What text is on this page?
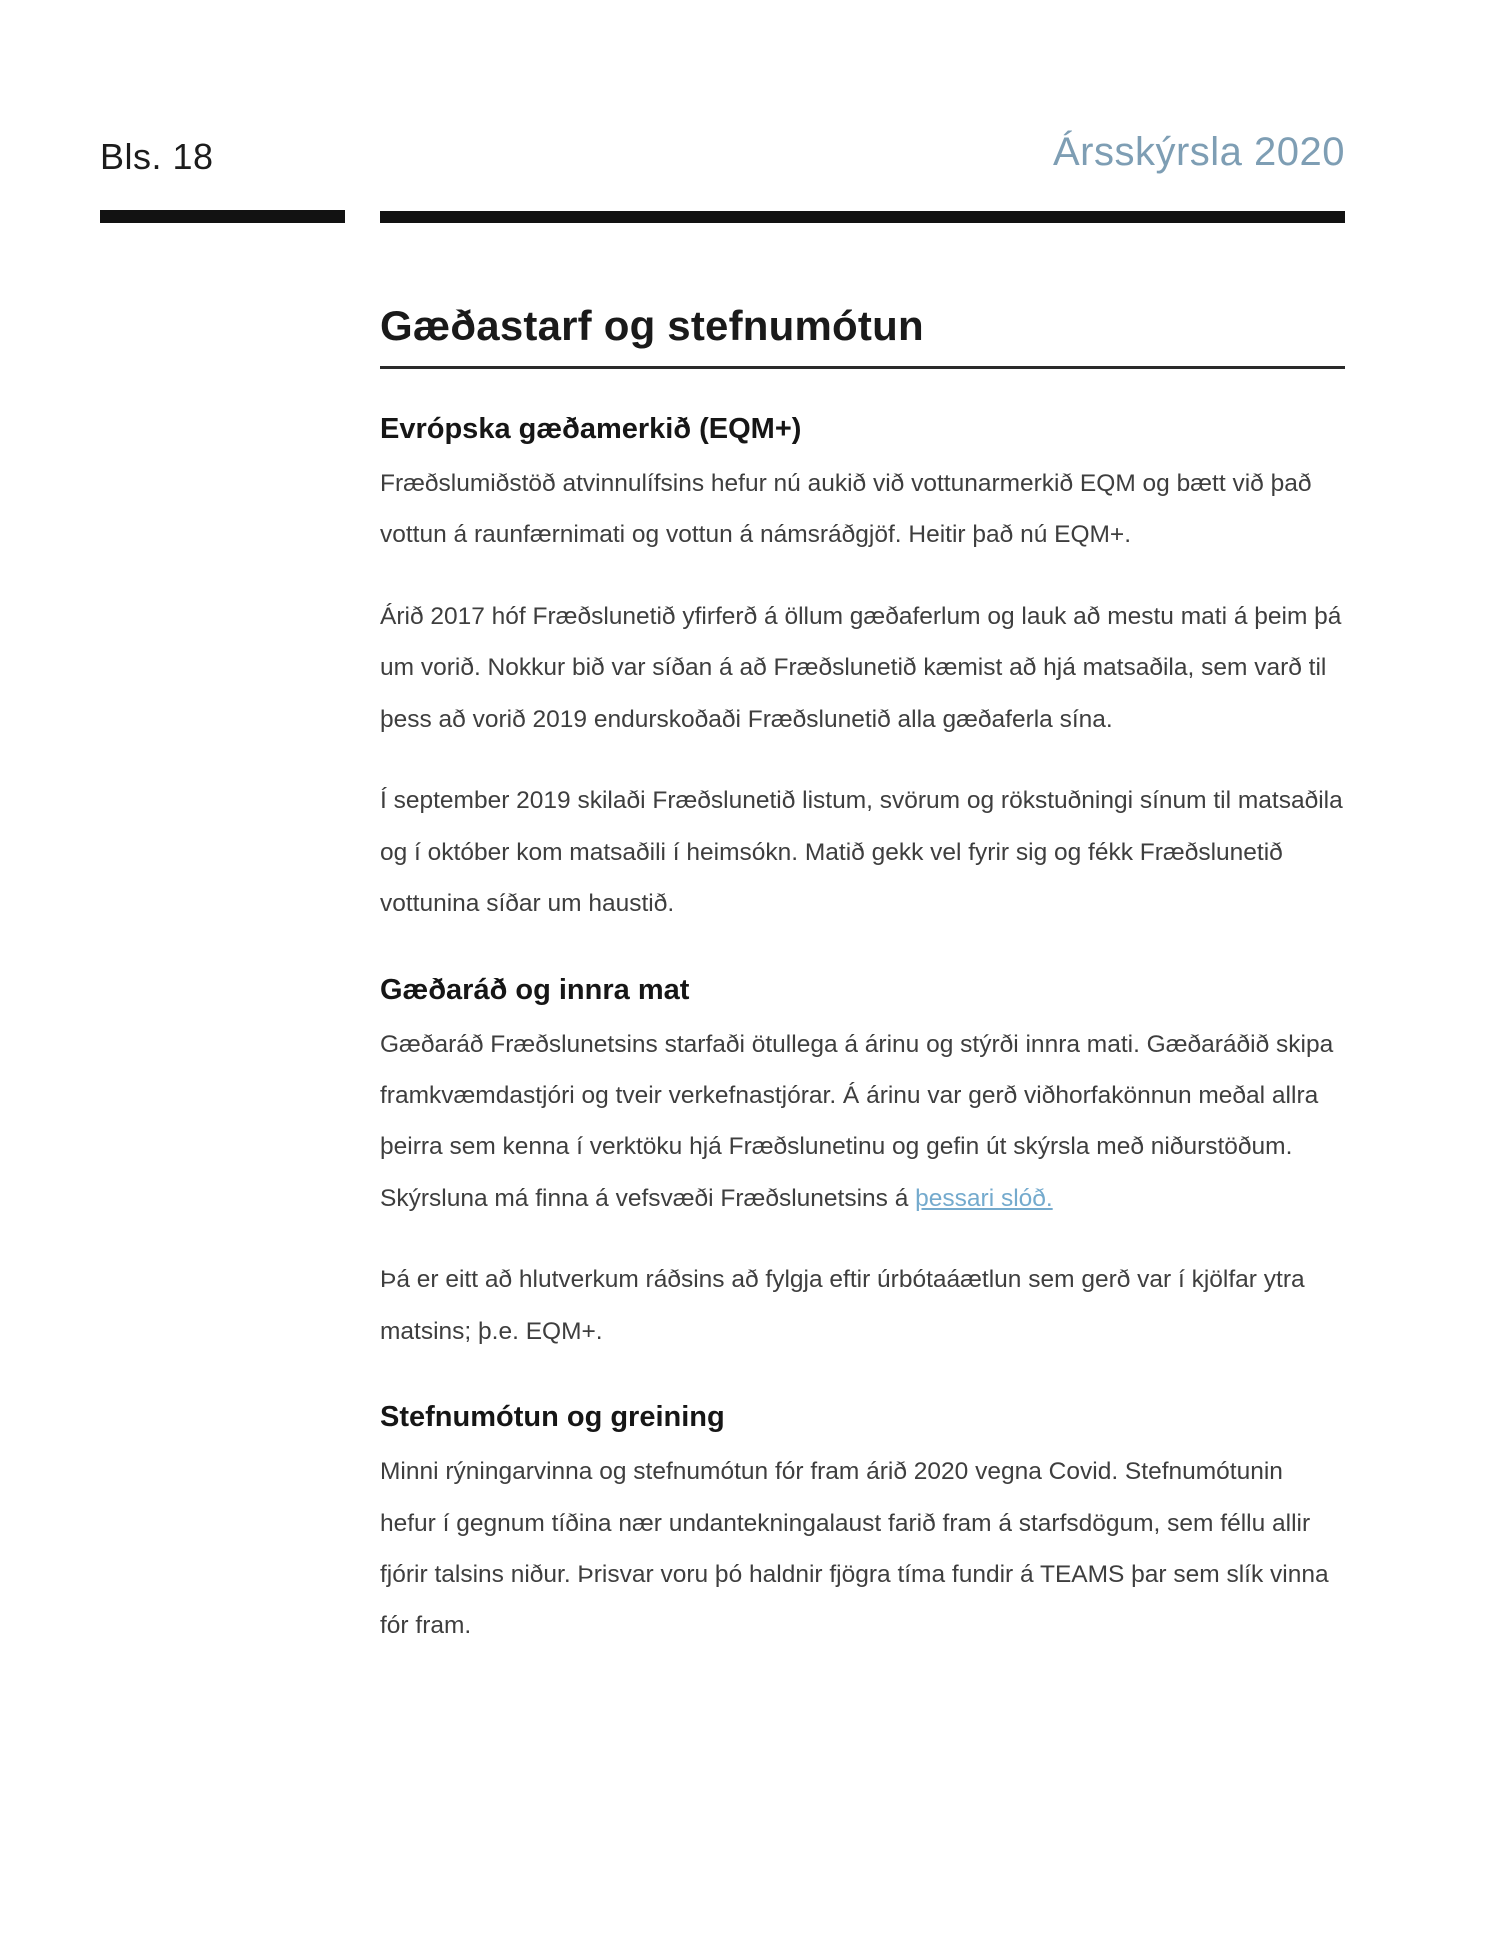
Bls. 18	Ársskýrsla 2020
Gæðastarf og stefnumótun
Evrópska gæðamerkið (EQM+)

Fræðslumiðstöð atvinnulífsins hefur nú aukið við vottunarmerkið EQM og bætt við það vottun á raunfærnimati og vottun á námsráðgjöf. Heitir það nú EQM+.

Árið 2017 hóf Fræðslunetið yfirferð á öllum gæðaferlum og lauk að mestu mati á þeim þá um vorið. Nokkur bið var síðan á að Fræðslunetið kæmist að hjá matsaðila, sem varð til þess að vorið 2019 endurskoðaði Fræðslunetið alla gæðaferla sína.

Í september 2019 skilaði Fræðslunetið listum, svörum og rökstuðningi sínum til matsaðila og í október kom matsaðili í heimsókn. Matið gekk vel fyrir sig og fékk Fræðslunetið vottunina síðar um haustið.

Gæðaráð og innra mat

Gæðaráð Fræðslunetsins starfaði ötullega á árinu og stýrði innra mati. Gæðaráðið skipa framkvæmdastjóri og tveir verkefnastjórar. Á árinu var gerð viðhorfakönnun meðal allra þeirra sem kenna í verktöku hjá Fræðslunetinu og gefin út skýrsla með niðurstöðum. Skýrsluna má finna á vefsvæði Fræðslunetsins á þessari slóð.

Þá er eitt að hlutverkum ráðsins að fylgja eftir úrbótaáætlun sem gerð var í kjölfar ytra matsins; þ.e. EQM+.

Stefnumótun og greining

Minni rýningarvinna og stefnumótun fór fram árið 2020 vegna Covid. Stefnumótunin hefur í gegnum tíðina nær undantekningalaust farið fram á starfsdögum, sem féllu allir fjórir talsins niður. Þrisvar voru þó haldnir fjögra tíma fundir á TEAMS þar sem slík vinna fór fram.
